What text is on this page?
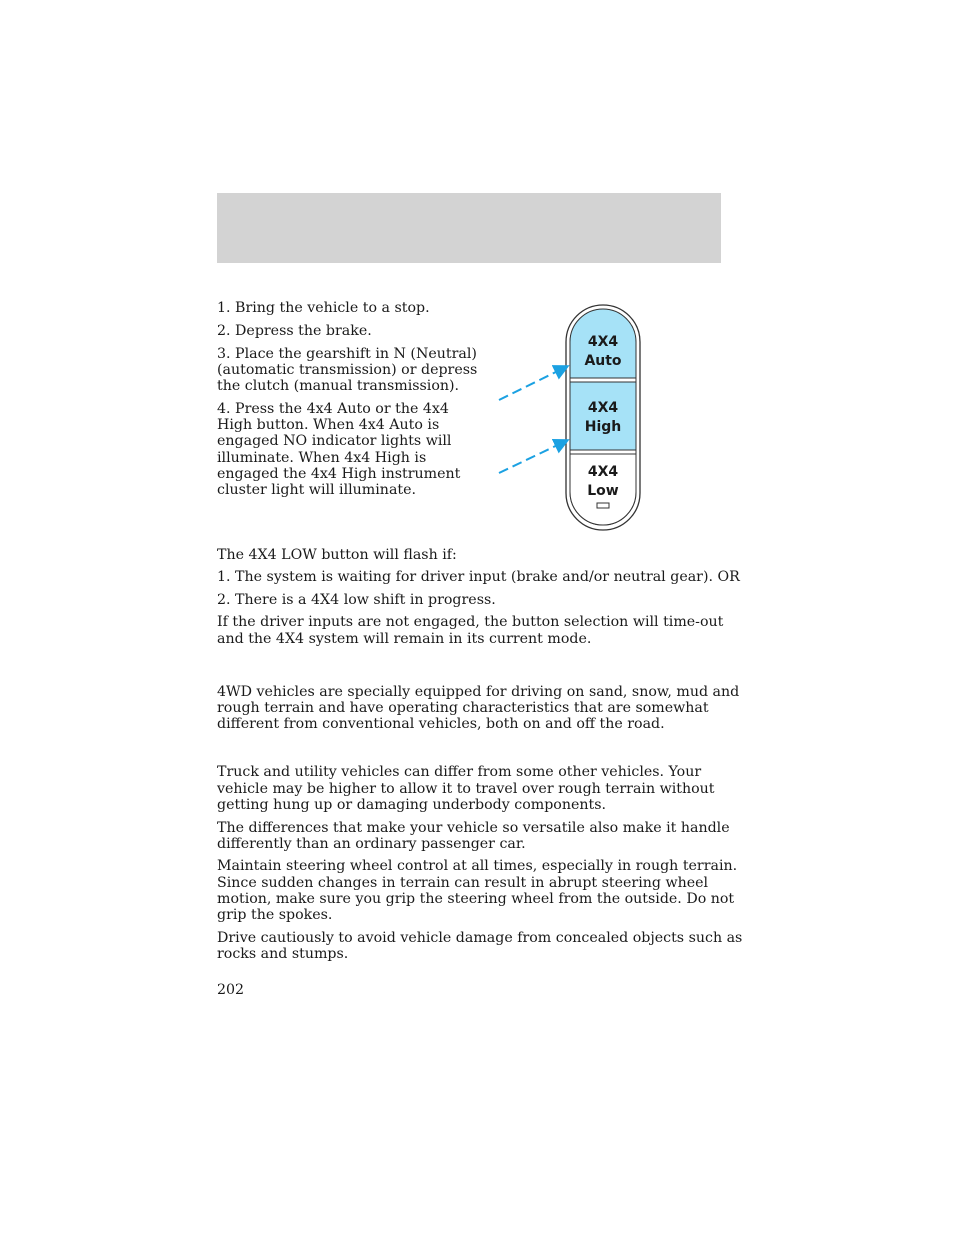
1. Bring the vehicle to a stop.

2. Depress the brake.

3. Place the gearshift in N (Neutral)

(automatic transmission) or depress

the clutch (manual transmission).

4. Press the 4x4 Auto or the 4x4

High button. When 4x4 Auto is

engaged NO indicator lights will

illuminate. When 4x4 High is

engaged the 4x4 High instrument

cluster light will illuminate.

4X4
Auto
4X4
High
4X4
Low

The 4X4 LOW button will flash if:

1. The system is waiting for driver input (brake and/or neutral gear). OR

2. There is a 4X4 low shift in progress.

If the driver inputs are not engaged, the button selection will time-out

and the 4X4 system will remain in its current mode.

4WD vehicles are specially equipped for driving on sand, snow, mud and

rough terrain and have operating characteristics that are somewhat

different from conventional vehicles, both on and off the road.

Truck and utility vehicles can differ from some other vehicles. Your

vehicle may be higher to allow it to travel over rough terrain without

getting hung up or damaging underbody components.

The differences that make your vehicle so versatile also make it handle

differently than an ordinary passenger car.

Maintain steering wheel control at all times, especially in rough terrain.

Since sudden changes in terrain can result in abrupt steering wheel

motion, make sure you grip the steering wheel from the outside. Do not

grip the spokes.

Drive cautiously to avoid vehicle damage from concealed objects such as

rocks and stumps.

202
